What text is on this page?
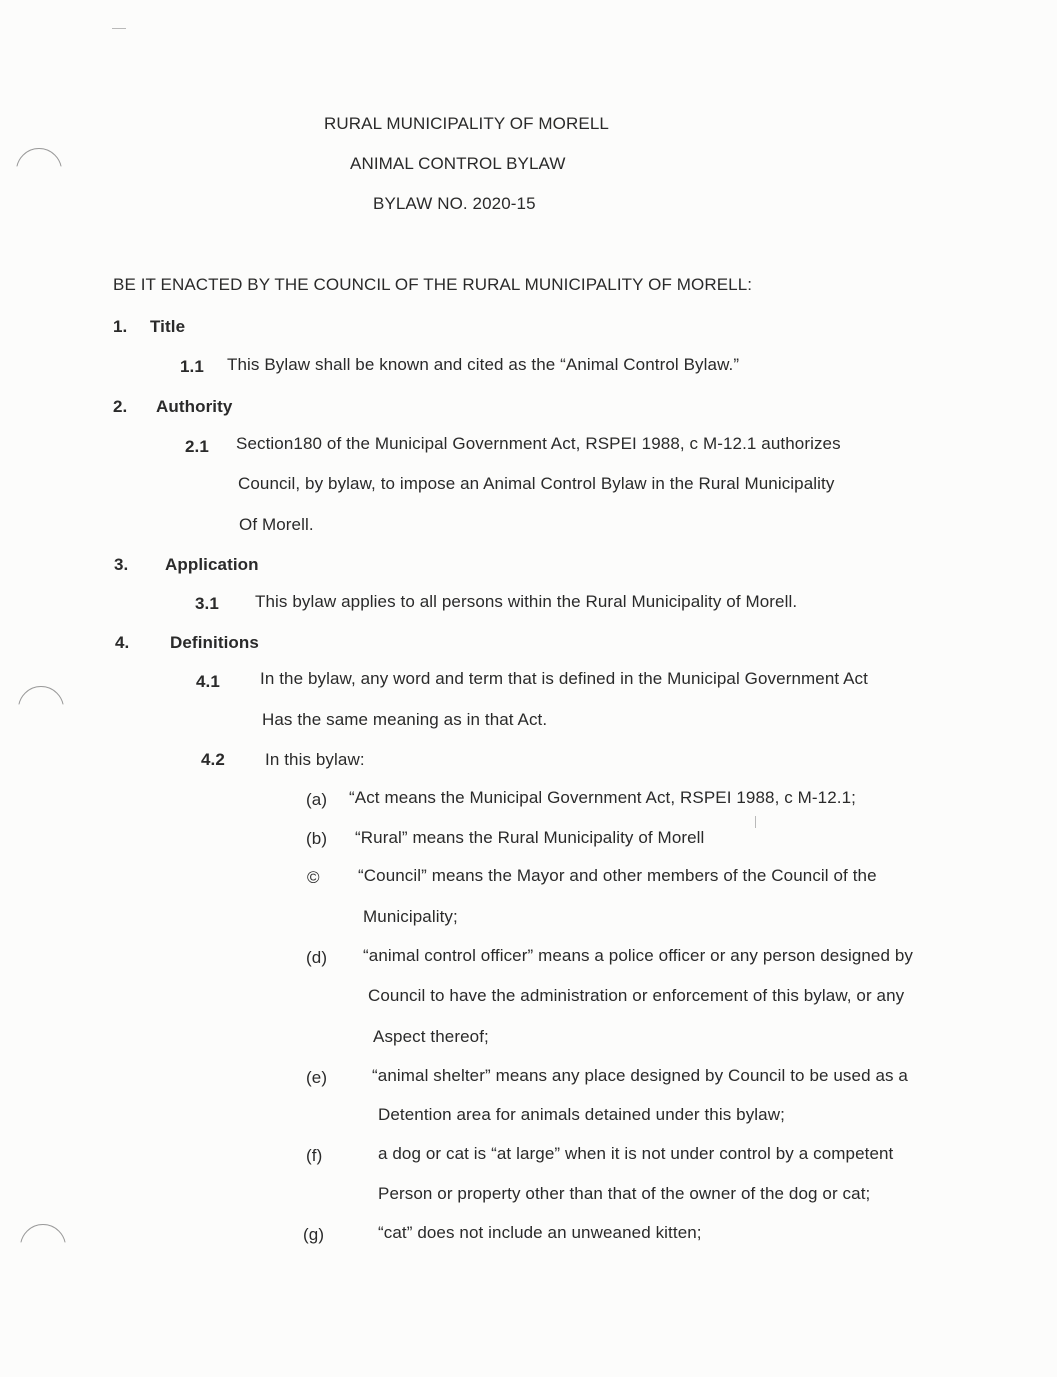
RURAL MUNICIPALITY OF MORELL
ANIMAL CONTROL BYLAW
BYLAW NO. 2020-15
BE IT ENACTED BY THE COUNCIL OF THE RURAL MUNICIPALITY OF MORELL:
1. Title
1.1 This Bylaw shall be known and cited as the “Animal Control Bylaw.”
2. Authority
2.1 Section180 of the Municipal Government Act, RSPEI 1988, c M-12.1 authorizes
Council, by bylaw, to impose an Animal Control Bylaw in the Rural Municipality
Of Morell.
3. Application
3.1 This bylaw applies to all persons within the Rural Municipality of Morell.
4. Definitions
4.1 In the bylaw, any word and term that is defined in the Municipal Government Act
Has the same meaning as in that Act.
4.2 In this bylaw:
(a) “Act means the Municipal Government Act, RSPEI 1988, c M-12.1;
(b) “Rural” means the Rural Municipality of Morell
© “Council” means the Mayor and other members of the Council of the
Municipality;
(d) “animal control officer” means a police officer or any person designed by
Council to have the administration or enforcement of this bylaw, or any
Aspect thereof;
(e)	“animal shelter” means any place designed by Council to be used as a
Detention area for animals detained under this bylaw;
(f)	a dog or cat is “at large” when it is not under control by a competent
Person or property other than that of the owner of the dog or cat;
(g)	“cat” does not include an unweaned kitten;
